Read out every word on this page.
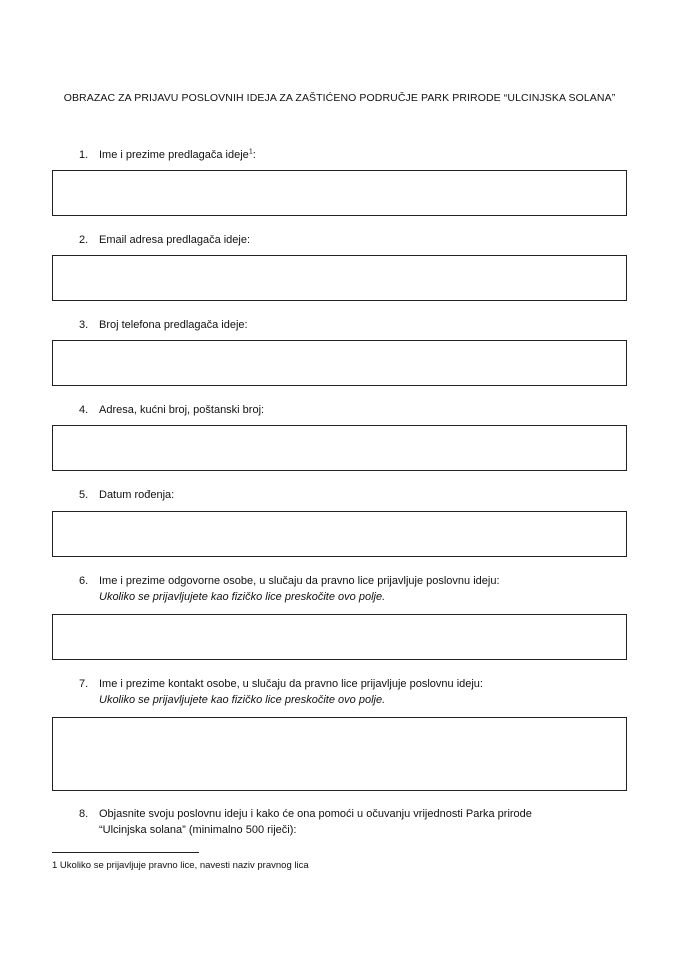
OBRAZAC ZA PRIJAVU POSLOVNIH IDEJA ZA ZAŠTIĆENO PODRUČJE PARK PRIRODE “ULCINJSKA SOLANA”
1. Ime i prezime predlagača ideje$^1$:
2. Email adresa predlagača ideje:
3. Broj telefona predlagača ideje:
4. Adresa, kućni broj, poštanski broj:
5. Datum rođenja:
6. Ime i prezime odgovorne osobe, u slučaju da pravno lice prijavljuje poslovnu ideju:
Ukoliko se prijavljujete kao fizičko lice preskočite ovo polje.
7. Ime i prezime kontakt osobe, u slučaju da pravno lice prijavljuje poslovnu ideju:
Ukoliko se prijavljujete kao fizičko lice preskočite ovo polje.
8. Objasnite svoju poslovnu ideju i kako će ona pomoći u očuvanju vrijednosti Parka prirode
“Ulcinjska solana” (minimalno 500 riječi):
1 Ukoliko se prijavljuje pravno lice, navesti naziv pravnog lica
